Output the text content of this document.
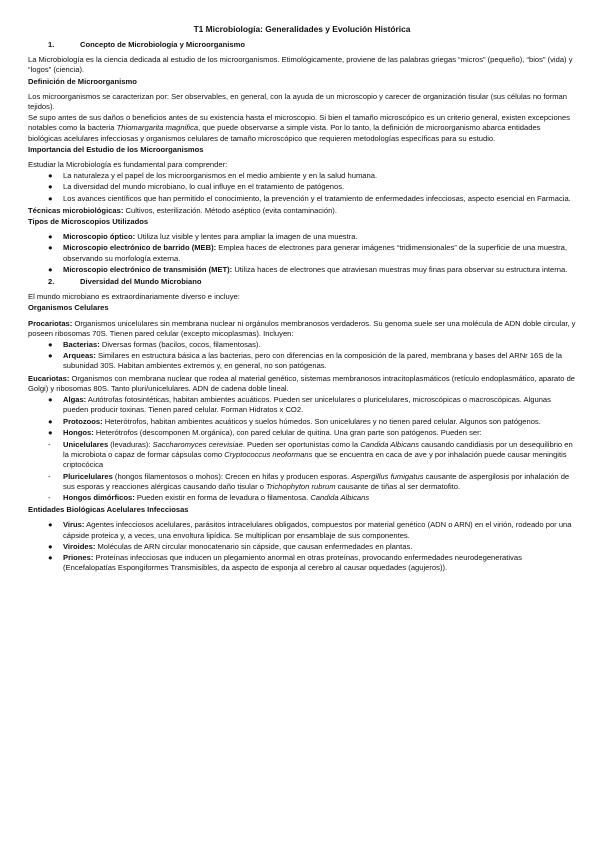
T1 Microbiología: Generalidades y Evolución Histórica
1.	Concepto de Microbiología y Microorganismo

La Microbiología es la ciencia dedicada al estudio de los microorganismos. Etimológicamente, proviene de las palabras griegas “micros” (pequeño), “bios” (vida) y “logos” (ciencia).

Definición de Microorganismo

Los microorganismos se caracterizan por: Ser observables, en general, con la ayuda de un microscopio y carecer de organización tisular (sus células no forman tejidos).

Se supo antes de sus daños o beneficios antes de su existencia hasta el microscopio. Si bien el tamaño microscópico es un criterio general, existen excepciones notables como la bacteria Thiomargarita magnifica, que puede observarse a simple vista. Por lo tanto, la definición de microorganismo abarca entidades biológicas acelulares infecciosas y organismos celulares de tamaño microscópico que requieren metodologías específicas para su estudio.

Importancia del Estudio de los Microorganismos

Estudiar la Microbiología es fundamental para comprender:

● La naturaleza y el papel de los microorganismos en el medio ambiente y en la salud humana.
● La diversidad del mundo microbiano, lo cual influye en el tratamiento de patógenos.
● Los avances científicos que han permitido el conocimiento, la prevención y el tratamiento de enfermedades infecciosas, aspecto esencial en Farmacia.

Técnicas microbiológicas: Cultivos, esterilización. Método aséptico (evita contaminación).

Tipos de Microscopios Utilizados
● Microscopio óptico: Utiliza luz visible y lentes para ampliar la imagen de una muestra.
● Microscopio electrónico de barrido (MEB): Emplea haces de electrones para generar imágenes “tridimensionales” de la superficie de una muestra, observando su morfología externa.
● Microscopio electrónico de transmisión (MET): Utiliza haces de electrones que atraviesan muestras muy finas para observar su estructura interna.
2.	Diversidad del Mundo Microbiano

El mundo microbiano es extraordinariamente diverso e incluye:

Organismos Celulares

Procariotas: Organismos unicelulares sin membrana nuclear ni orgánulos membranosos verdaderos. Su genoma suele ser una molécula de ADN doble circular, y poseen ribosomas 70S. Tienen pared celular (excepto micoplasmas). Incluyen:

● Bacterias: Diversas formas (bacilos, cocos, filamentosas).
● Arqueas: Similares en estructura básica a las bacterias, pero con diferencias en la composición de la pared, membrana y bases del ARNr 16S de la subunidad 30S. Habitan ambientes extremos y, en general, no son patógenas.

Eucariotas: Organismos con membrana nuclear que rodea al material genético, sistemas membranosos intracitoplasmáticos (retículo endoplasmático, aparato de Golgi) y ribosomas 80S. Tanto pluri/unicelulares. ADN de cadena doble lineal.

● Algas: Autótrofas fotosintéticas, habitan ambientes acuáticos. Pueden ser unicelulares o pluricelulares, microscópicas o macroscópicas. Algunas pueden producir toxinas. Tienen pared celular. Forman Hidratos x CO2.
● Protozoos: Heterótrofos, habitan ambientes acuáticos y suelos húmedos. Son unicelulares y no tienen pared celular. Algunos son patógenos.
● Hongos: Heterótrofos (descomponen M.orgánica), con pared celular de quitina. Una gran parte son patógenos. Pueden ser:
- Unicelulares (levaduras): Saccharomyces cerevisiae. Pueden ser oportunistas como la Candida Albicans causando candidiasis por un desequilibrio en la microbiota o capaz de formar cápsulas como Cryptococcus neoformans que se encuentra en caca de ave y por inhalación puede causar meningitis criptocócica
- Pluricelulares (hongos filamentosos o mohos): Crecen en hifas y producen esporas. Aspergillus fumigatus causante de aspergilosis por inhalación de sus esporas y reacciones alérgicas causando daño tisular o Trichophyton rubrum causante de tiñas al ser dermatofito.
- Hongos dimórficos: Pueden existir en forma de levadura o filamentosa. Candida Albicans
Entidades Biológicas Acelulares Infecciosas
● Virus: Agentes infecciosos acelulares, parásitos intracelulares obligados, compuestos por material genético (ADN o ARN) en el virión, rodeado por una cápside proteica y, a veces, una envoltura lipídica. Se multiplican por ensamblaje de sus componentes.
● Viroides: Moléculas de ARN circular monocatenario sin cápside, que causan enfermedades en plantas.
● Priones: Proteínas infecciosas que inducen un plegamiento anormal en otras proteínas, provocando enfermedades neurodegenerativas (Encefalopatías Espongiformes Transmisibles, da aspecto de esponja al cerebro al causar oquedades (agujeros)).
